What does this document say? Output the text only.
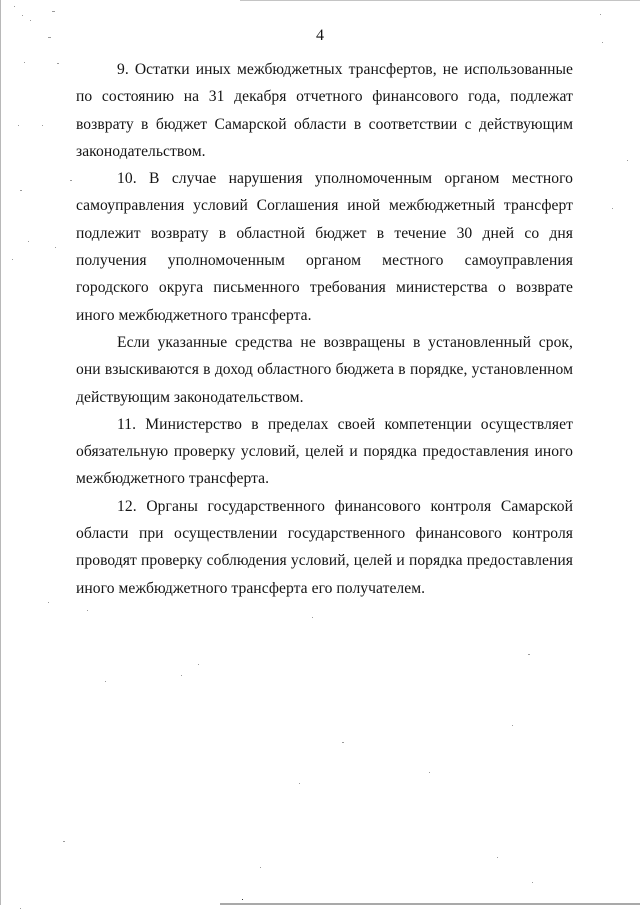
4

9. Остатки иных межбюджетных трансфертов, не использованные по состоянию на 31 декабря отчетного финансового года, подлежат возврату в бюджет Самарской области в соответствии с действующим законодательством.

10. В случае нарушения уполномоченным органом местного самоуправления условий Соглашения иной межбюджетный трансферт подлежит возврату в областной бюджет в течение 30 дней со дня получения уполномоченным органом местного самоуправления городского округа письменного требования министерства о возврате иного межбюджетного трансферта.

Если указанные средства не возвращены в установленный срок, они взыскиваются в доход областного бюджета в порядке, установленном действующим законодательством.

11. Министерство в пределах своей компетенции осуществляет обязательную проверку условий, целей и порядка предоставления иного межбюджетного трансферта.

12. Органы государственного финансового контроля Самарской области при осуществлении государственного финансового контроля проводят проверку соблюдения условий, целей и порядка предоставления иного межбюджетного трансферта его получателем.
